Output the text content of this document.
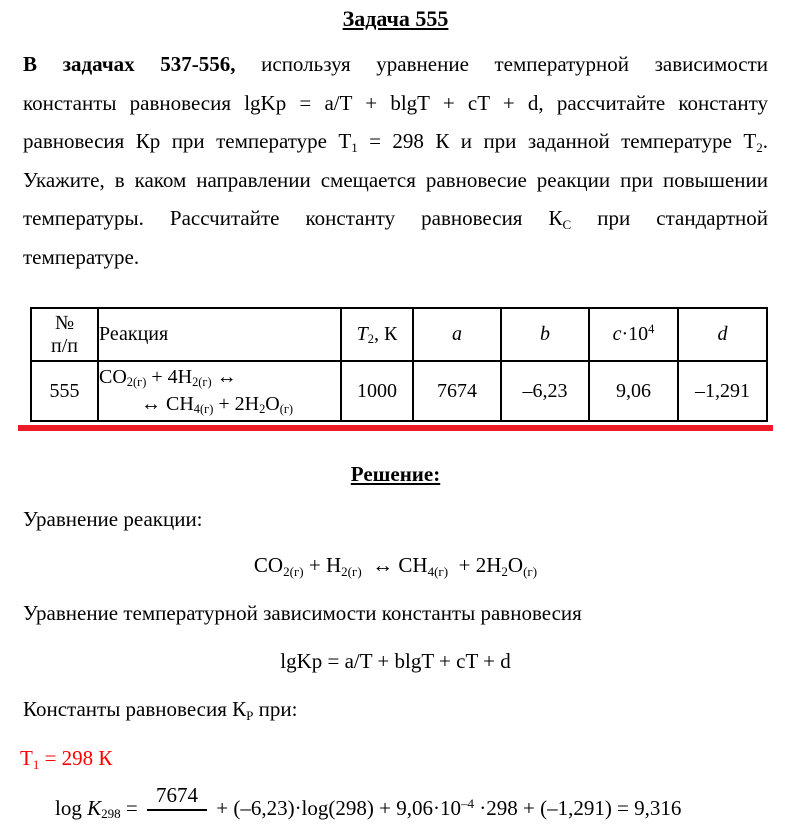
Задача 555
В задачах 537-556, используя уравнение температурной зависимости
константы равновесия lgKp = a/T + blgT + cT + d, рассчитайте константу
равновесия Кр при температуре $Т_1 = 298$ К и при заданной температуре $Т_2$.
Укажите, в каком направлении смещается равновесие реакции при повышении
температуры. Рассчитайте константу равновесия $К_С$ при стандартной
температуре.
№
п/п	Реакция	$T_2$, К	a	b	$c\cdot 10^4$	d
555	$CO_{2(г)} + 4H_{2(г)}$ ↔
↔ $CH_{4(г)} + 2H_2O_{(г)}$	1000	7674	–6,23	9,06	–1,291
Решение:
Уравнение реакции:
$CO_{2(г)} + H_{2(г)}$  ↔ $CH_{4(г)} + 2H_2O_{(г)}$
Уравнение температурной зависимости константы равновесия
lgKp = a/T + blgT + cT + d
Константы равновесия $К_Р$ при:
$Т_1 = 298$ К
$\log K_{298}$ =
7674
+ $(-6,23)\cdot\log(298) + 9,06\cdot 10^{-4} \cdot 298 + (-1,291) = 9,316$
